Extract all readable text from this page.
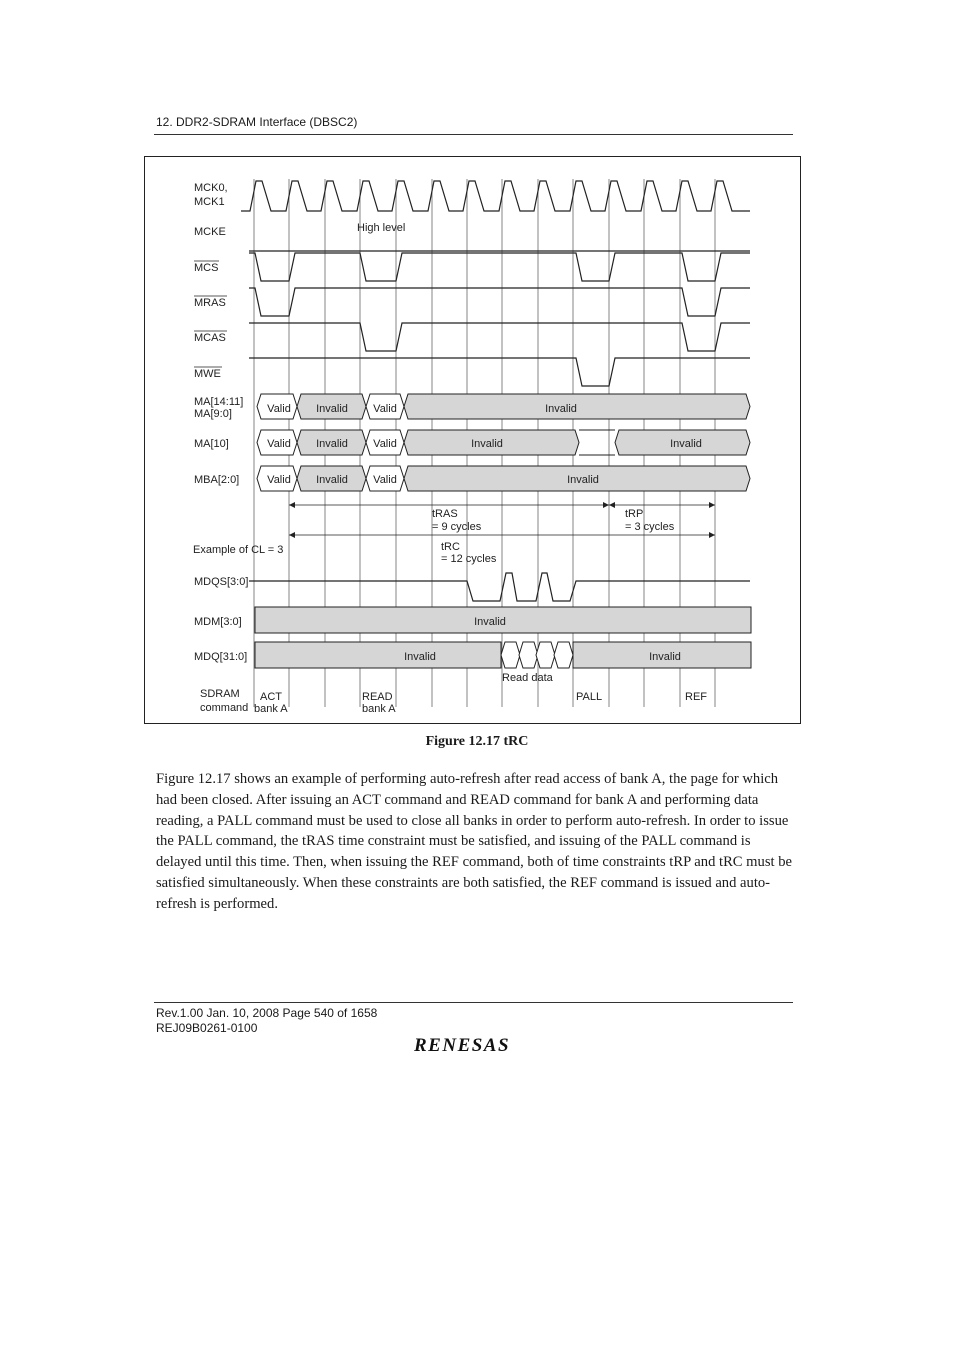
12. DDR2-SDRAM Interface (DBSC2)
MCK0,
MCK1
MCKE
MCS
MRAS
MCAS
MWE
MA[14:11]
MA[9:0]
MA[10]
MBA[2:0]
Example of CL = 3
MDQS[3:0]
MDM[3:0]
MDQ[31:0]
SDRAM
command
Valid Invalid Valid	Invalid
Valid Invalid Valid	Invalid	Invalid
Valid Invalid Valid	Invalid
Invalid
Invalid	Invalid
High level
tRAS
= 9 cycles
tRP
= 3 cycles
tRC
= 12 cycles
Read data
ACT
bank A
READ
bank A
PALL	REF
Figure 12.17 tRC
Figure 12.17 shows an example of performing auto-refresh after read access of bank A, the page for which had been closed. After issuing an ACT command and READ command for bank A and performing data reading, a PALL command must be used to close all banks in order to perform auto-refresh. In order to issue the PALL command, the tRAS time constraint must be satisfied, and issuing of the PALL command is delayed until this time. Then, when issuing the REF command, both of time constraints tRP and tRC must be satisfied simultaneously. When these constraints are both satisfied, the REF command is issued and auto-refresh is performed.
Rev.1.00 Jan. 10, 2008 Page 540 of 1658
REJ09B0261-0100
RENESAS
